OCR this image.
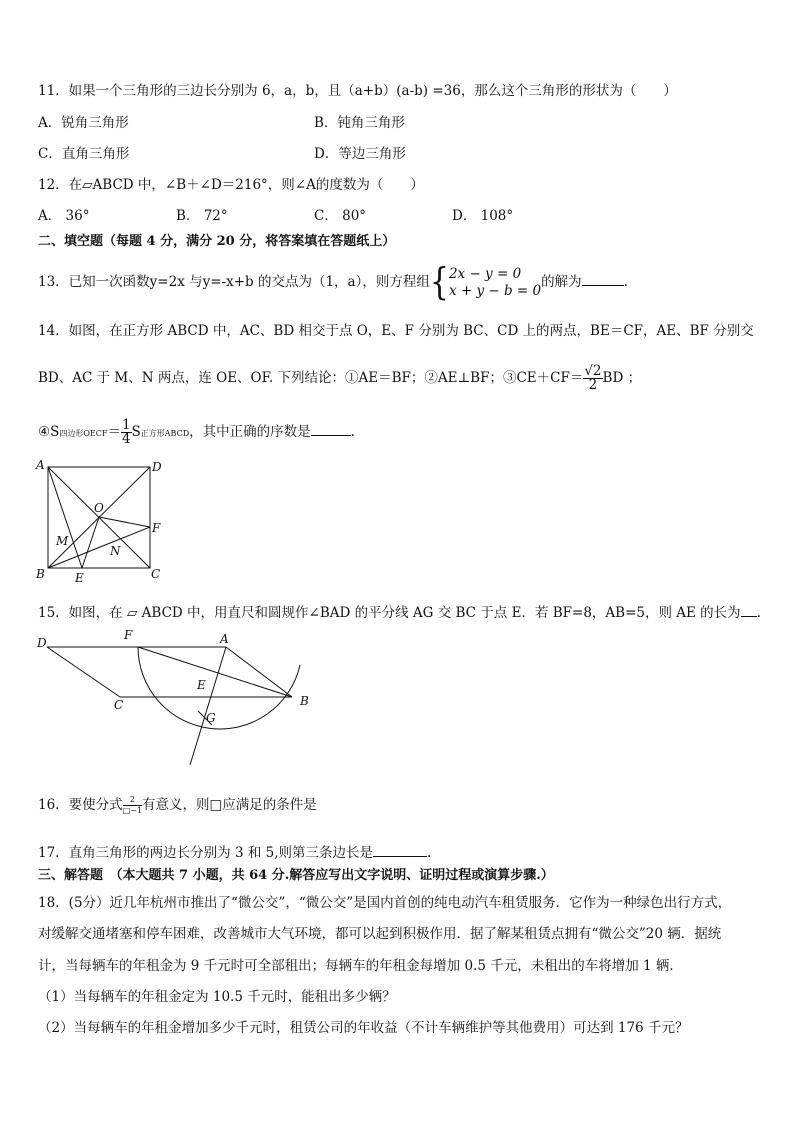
11．如果一个三角形的三边长分别为 6，a，b，且（a+b）(a-b) =36，那么这个三角形的形状为（　　）
A．锐角三角形	B．钝角三角形
C．直角三角形	D．等边三角形
12．在▱ABCD 中，∠B＋∠D＝216°，则∠A的度数为（　　）
A． 36°	B． 72°	C． 80°	D． 108°
二、填空题（每题 4 分，满分 20 分，将答案填在答题纸上）
13．已知一次函数y=2x 与y=-x+b 的交点为（1，a），则方程组{ 2x − y = 0
x + y − b = 0
的解为	.
14．如图，在正方形 ABCD 中，AC、BD 相交于点 O，E、F 分别为 BC、CD 上的两点，BE＝CF，AE、BF 分别交
BD、AC 于 M、N 两点，连 OE、OF. 下列结论：①AE＝BF；②AE⊥BF；③CE＋CF＝ $\frac{√2}{2}$ BD ；
④S四边形OECF＝ $\frac{1}{4}$ S正方形ABCD，其中正确的序数是	.
A	D
O
F
M
N
B	E	C
15．如图，在 ▱ ABCD 中，用直尺和圆规作∠BAD 的平分线 AG 交 BC 于点 E．若 BF=8，AB=5，则 AE 的长为 ．
D
F	A
C
E
B
G
16．要使分式 $\frac{2}{□-1}$ 有意义，则□应满足的条件是
17．直角三角形的两边长分别为 3 和 5,则第三条边长是	.
三、解答题　（本大题共 7 小题，共 64 分.解答应写出文字说明、证明过程或演算步骤.）
18．(5分）近几年杭州市推出了“微公交”，“微公交”是国内首创的纯电动汽车租赁服务．它作为一种绿色出行方式，
对缓解交通堵塞和停车困难，改善城市大气环境，都可以起到积极作用．据了解某租赁点拥有“微公交”20 辆．据统
计，当每辆车的年租金为 9 千元时可全部租出；每辆车的年租金每增加 0.5 千元，未租出的车将增加 1 辆．
（1）当每辆车的年租金定为 10.5 千元时，能租出多少辆？
（2）当每辆车的年租金增加多少千元时，租赁公司的年收益（不计车辆维护等其他费用）可达到 176 千元？
